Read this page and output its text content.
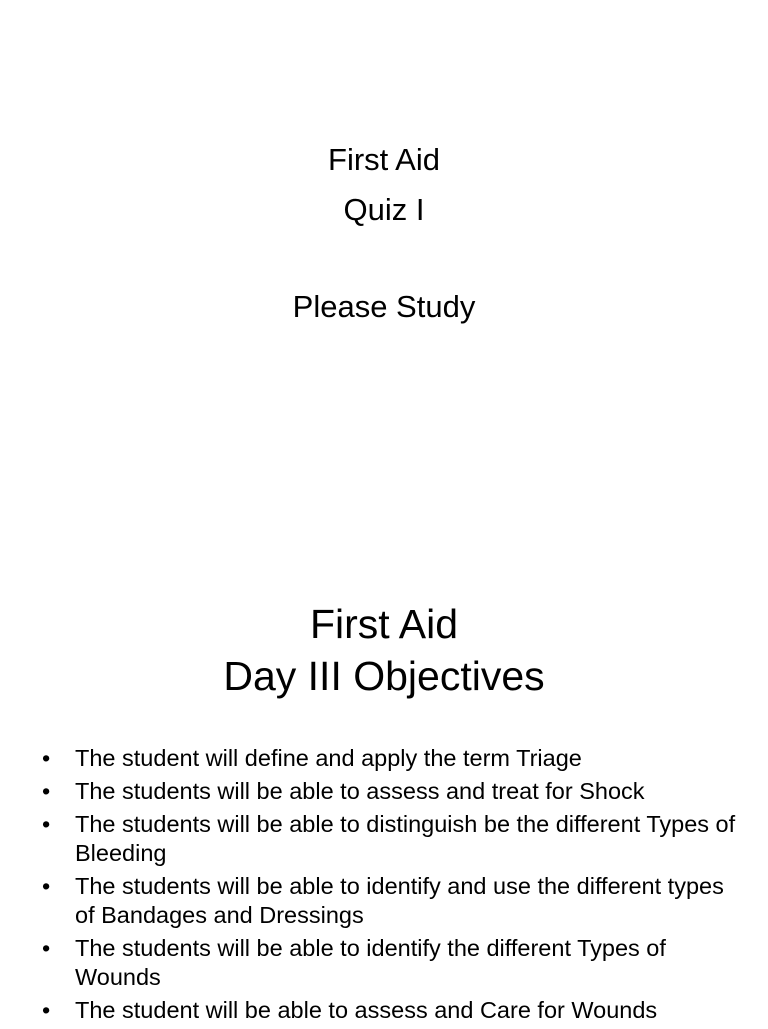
First Aid
Quiz I
Please Study
First Aid
Day III Objectives
•	The student will define and apply the term Triage
•	The students will be able to assess and treat for Shock
•	The students will be able to distinguish be the different Types of Bleeding
•	The students will be able to identify and use the different types of Bandages and Dressings
•	The students will be able to identify the different Types of Wounds
•	The student will be able to assess and Care for Wounds
